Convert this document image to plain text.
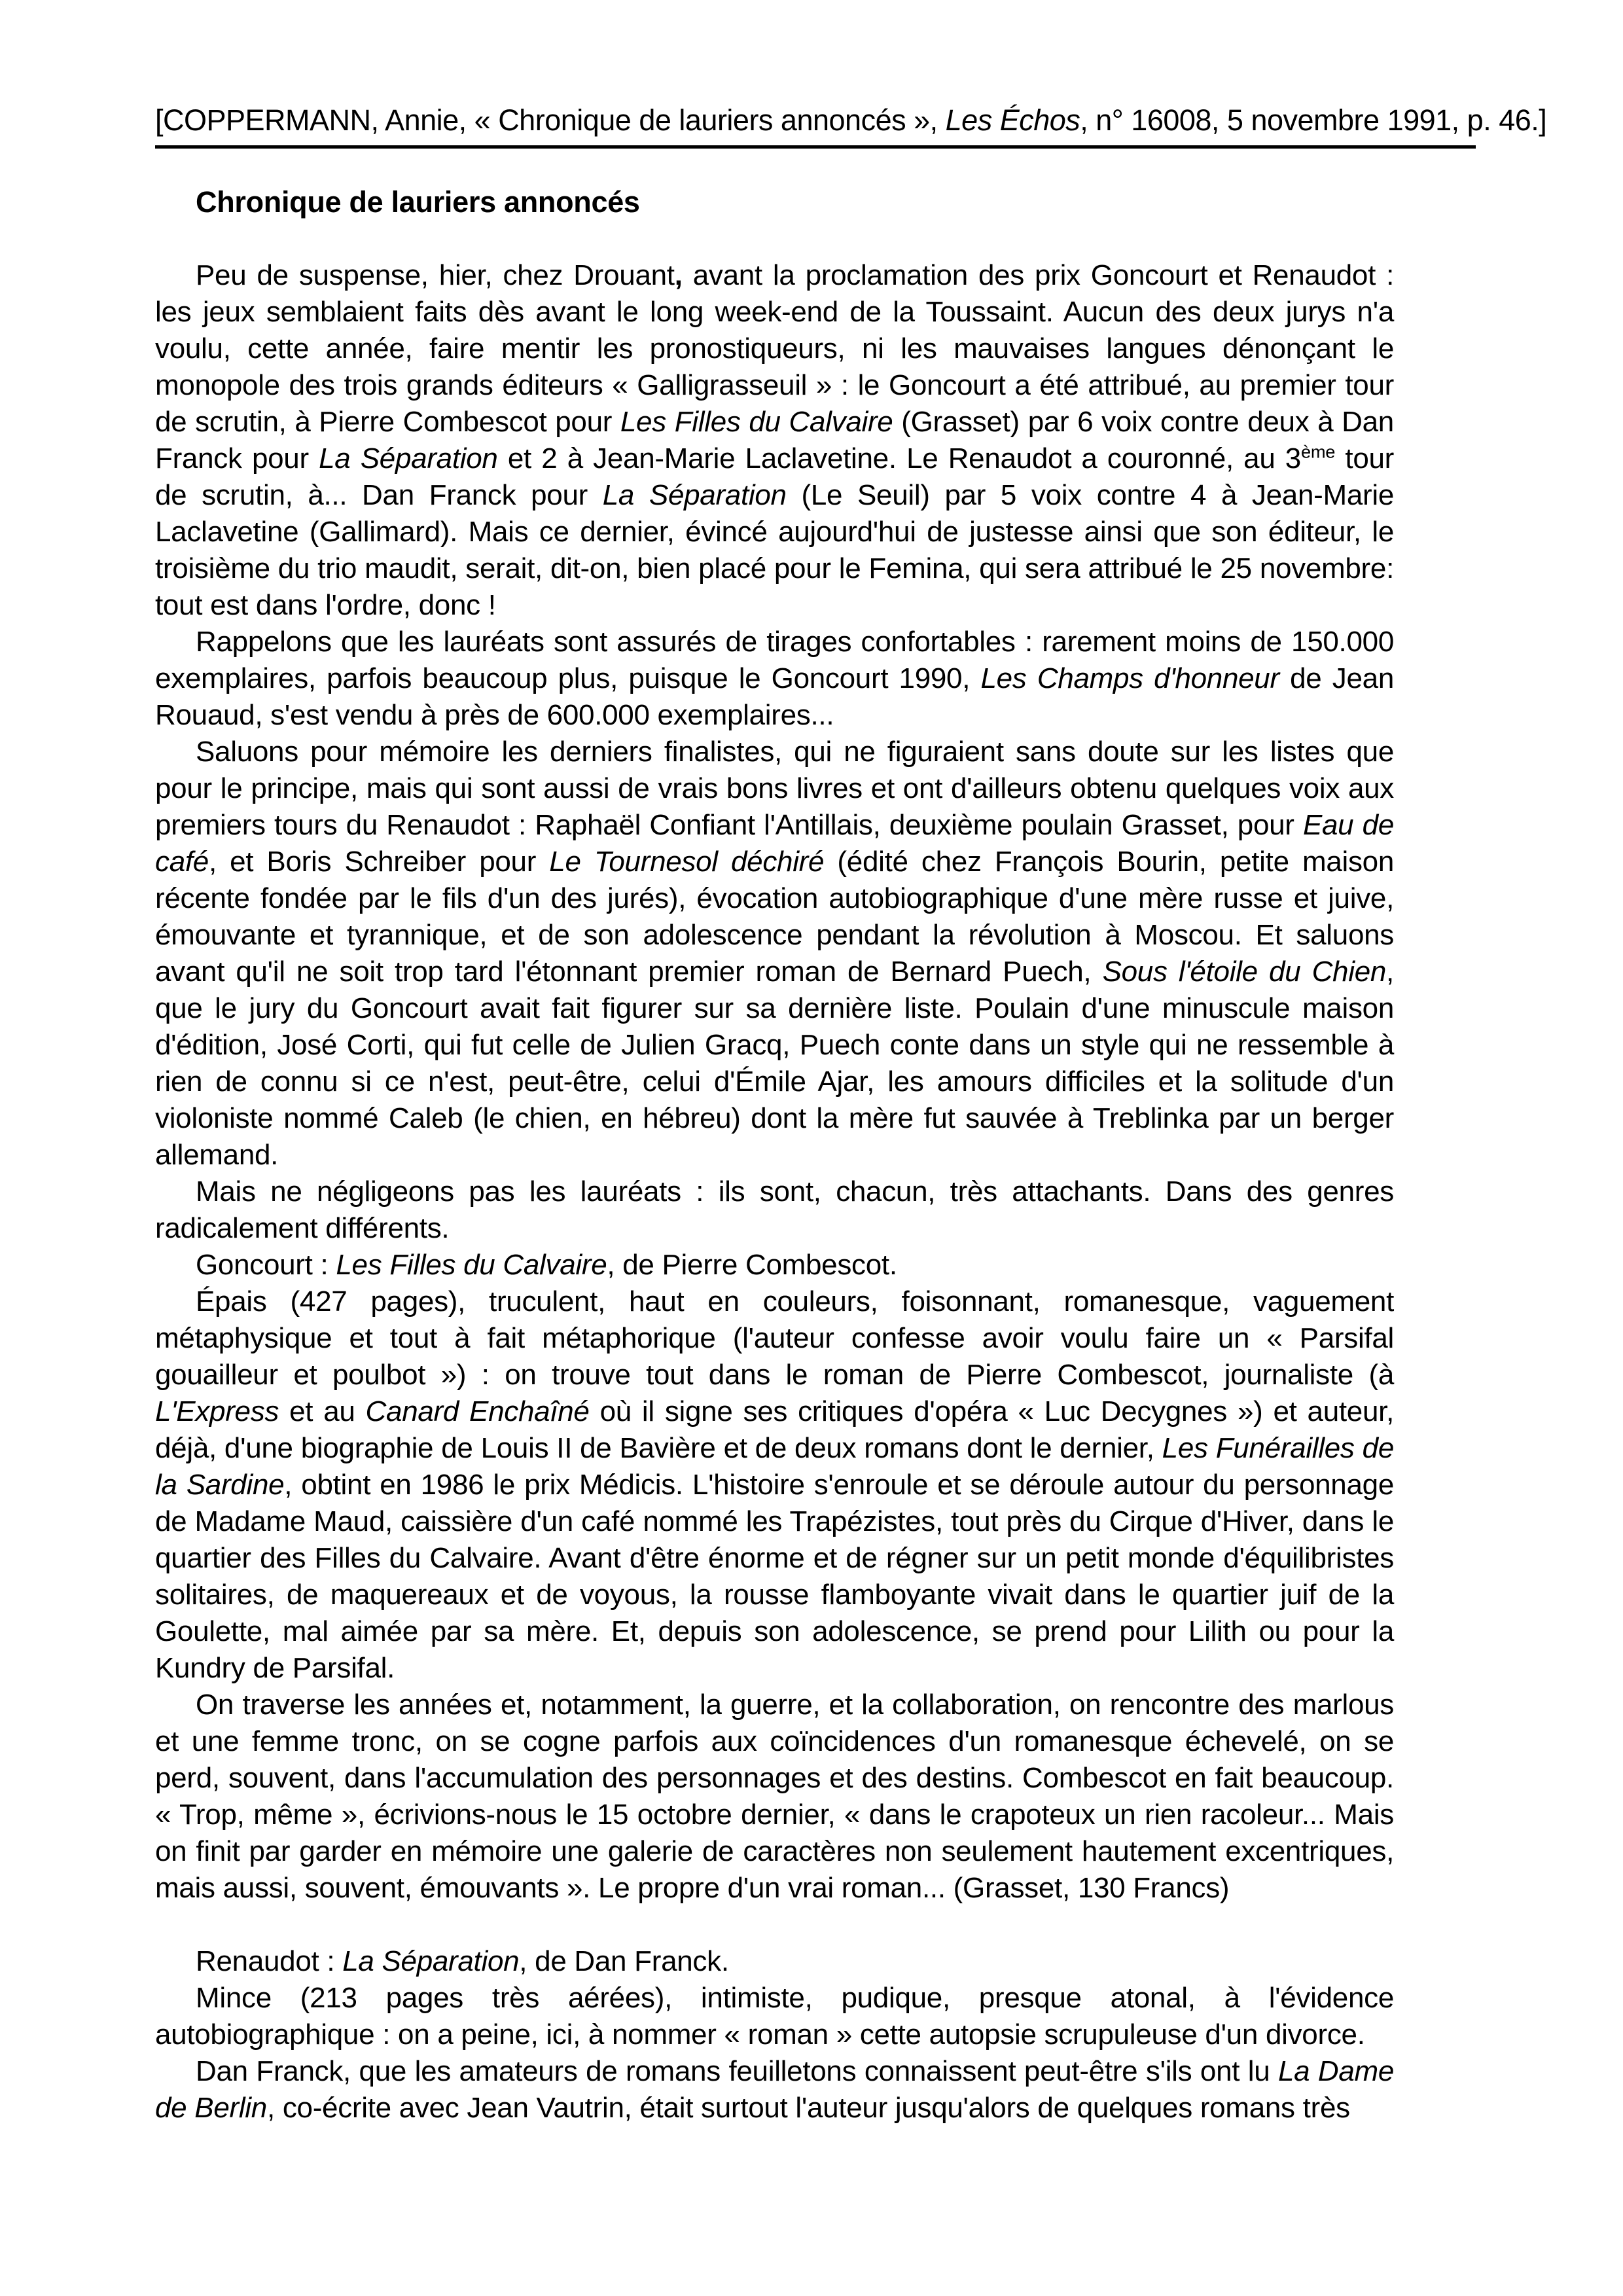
[COPPERMANN, Annie, « Chronique de lauriers annoncés », Les Échos, n° 16008, 5 novembre 1991, p. 46.]

Chronique de lauriers annoncés

Peu de suspense, hier, chez Drouant, avant la proclamation des prix Goncourt et Renaudot : les jeux semblaient faits dès avant le long week-end de la Toussaint. Aucun des deux jurys n'a voulu, cette année, faire mentir les pronostiqueurs, ni les mauvaises langues dénonçant le monopole des trois grands éditeurs « Galligrasseuil » : le Goncourt a été attribué, au premier tour de scrutin, à Pierre Combescot pour Les Filles du Calvaire (Grasset) par 6 voix contre deux à Dan Franck pour La Séparation et 2 à Jean-Marie Laclavetine. Le Renaudot a couronné, au 3ème tour de scrutin, à... Dan Franck pour La Séparation (Le Seuil) par 5 voix contre 4 à Jean-Marie Laclavetine (Gallimard). Mais ce dernier, évincé aujourd'hui de justesse ainsi que son éditeur, le troisième du trio maudit, serait, dit-on, bien placé pour le Femina, qui sera attribué le 25 novembre: tout est dans l'ordre, donc !

Rappelons que les lauréats sont assurés de tirages confortables : rarement moins de 150.000 exemplaires, parfois beaucoup plus, puisque le Goncourt 1990, Les Champs d'honneur de Jean Rouaud, s'est vendu à près de 600.000 exemplaires...

Saluons pour mémoire les derniers finalistes, qui ne figuraient sans doute sur les listes que pour le principe, mais qui sont aussi de vrais bons livres et ont d'ailleurs obtenu quelques voix aux premiers tours du Renaudot : Raphaël Confiant l'Antillais, deuxième poulain Grasset, pour Eau de café, et Boris Schreiber pour Le Tournesol déchiré (édité chez François Bourin, petite maison récente fondée par le fils d'un des jurés), évocation autobiographique d'une mère russe et juive, émouvante et tyrannique, et de son adolescence pendant la révolution à Moscou. Et saluons avant qu'il ne soit trop tard l'étonnant premier roman de Bernard Puech, Sous l'étoile du Chien, que le jury du Goncourt avait fait figurer sur sa dernière liste. Poulain d'une minuscule maison d'édition, José Corti, qui fut celle de Julien Gracq, Puech conte dans un style qui ne ressemble à rien de connu si ce n'est, peut-être, celui d'Émile Ajar, les amours difficiles et la solitude d'un violoniste nommé Caleb (le chien, en hébreu) dont la mère fut sauvée à Treblinka par un berger allemand.

Mais ne négligeons pas les lauréats : ils sont, chacun, très attachants. Dans des genres radicalement différents.

Goncourt : Les Filles du Calvaire, de Pierre Combescot.

Épais (427 pages), truculent, haut en couleurs, foisonnant, romanesque, vaguement métaphysique et tout à fait métaphorique (l'auteur confesse avoir voulu faire un « Parsifal gouailleur et poulbot ») : on trouve tout dans le roman de Pierre Combescot, journaliste (à L'Express et au Canard Enchaîné où il signe ses critiques d'opéra « Luc Decygnes ») et auteur, déjà, d'une biographie de Louis II de Bavière et de deux romans dont le dernier, Les Funérailles de la Sardine, obtint en 1986 le prix Médicis. L'histoire s'enroule et se déroule autour du personnage de Madame Maud, caissière d'un café nommé les Trapézistes, tout près du Cirque d'Hiver, dans le quartier des Filles du Calvaire. Avant d'être énorme et de régner sur un petit monde d'équilibristes solitaires, de maquereaux et de voyous, la rousse flamboyante vivait dans le quartier juif de la Goulette, mal aimée par sa mère. Et, depuis son adolescence, se prend pour Lilith ou pour la Kundry de Parsifal.

On traverse les années et, notamment, la guerre, et la collaboration, on rencontre des marlous et une femme tronc, on se cogne parfois aux coïncidences d'un romanesque échevelé, on se perd, souvent, dans l'accumulation des personnages et des destins. Combescot en fait beaucoup. « Trop, même », écrivions-nous le 15 octobre dernier, « dans le crapoteux un rien racoleur... Mais on finit par garder en mémoire une galerie de caractères non seulement hautement excentriques, mais aussi, souvent, émouvants ». Le propre d'un vrai roman... (Grasset, 130 Francs)

Renaudot : La Séparation, de Dan Franck.

Mince (213 pages très aérées), intimiste, pudique, presque atonal, à l'évidence autobiographique : on a peine, ici, à nommer « roman » cette autopsie scrupuleuse d'un divorce.

Dan Franck, que les amateurs de romans feuilletons connaissent peut-être s'ils ont lu La Dame de Berlin, co-écrite avec Jean Vautrin, était surtout l'auteur jusqu'alors de quelques romans très
